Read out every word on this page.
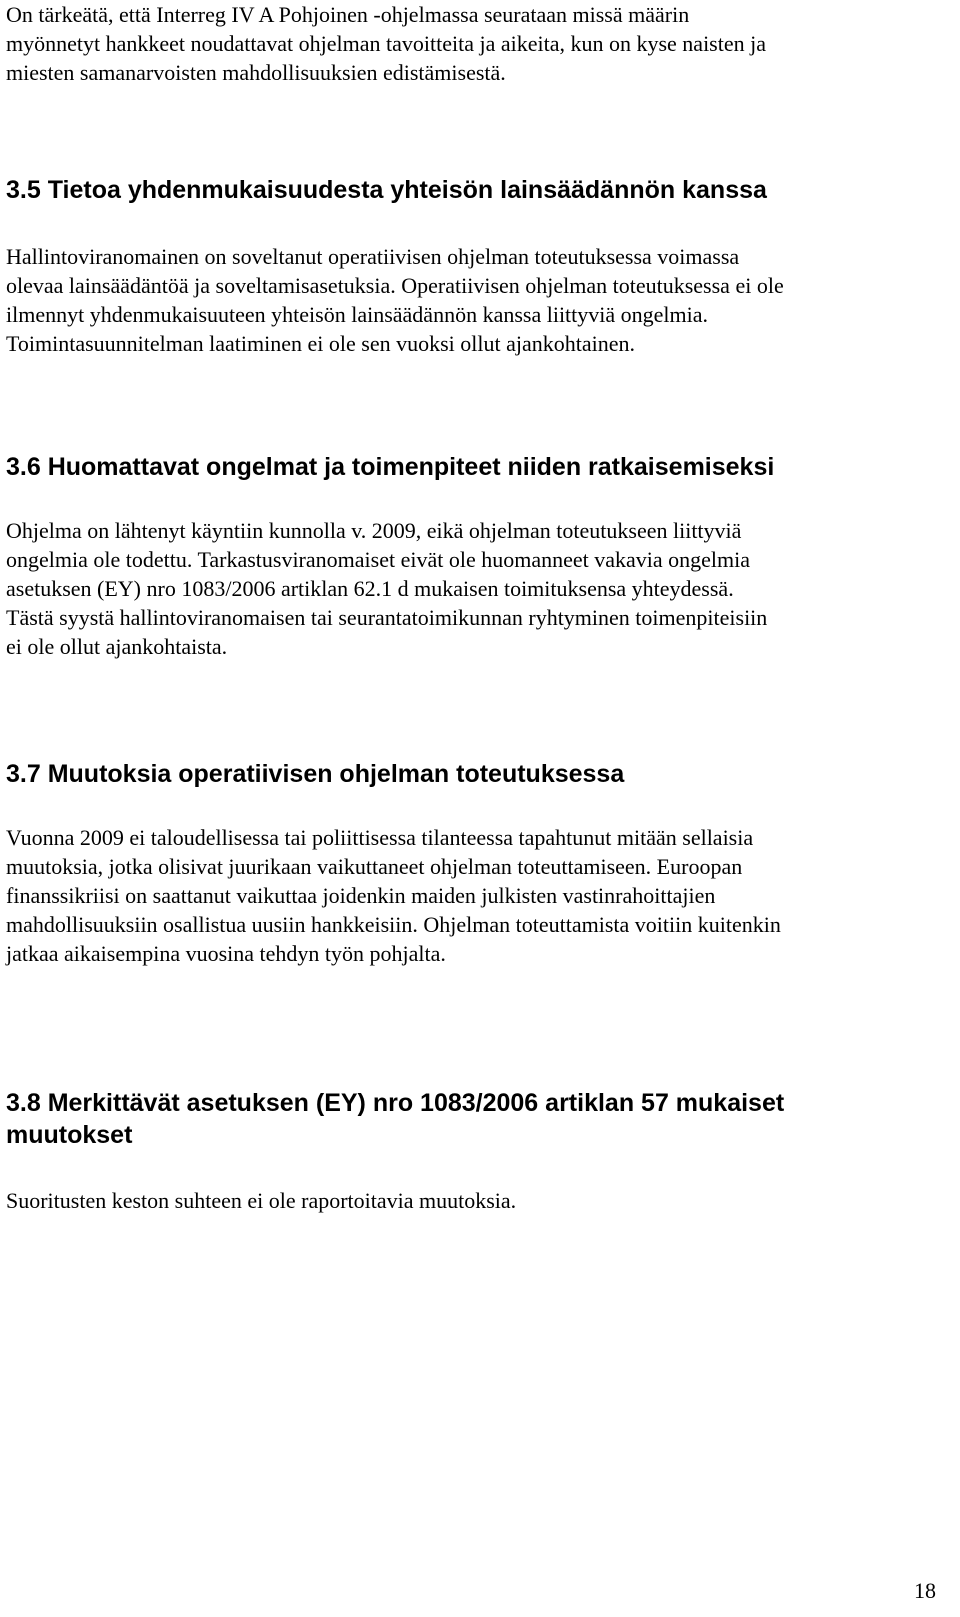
On tärkeätä, että Interreg IV A Pohjoinen -ohjelmassa seurataan missä määrin
myönnetyt hankkeet noudattavat ohjelman tavoitteita ja aikeita, kun on kyse naisten ja
miesten samanarvoisten mahdollisuuksien edistämisestä.

3.5 Tietoa yhdenmukaisuudesta yhteisön lainsäädännön kanssa

Hallintoviranomainen on soveltanut operatiivisen ohjelman toteutuksessa voimassa
olevaa lainsäädäntöä ja soveltamisasetuksia. Operatiivisen ohjelman toteutuksessa ei ole
ilmennyt yhdenmukaisuuteen yhteisön lainsäädännön kanssa liittyviä ongelmia.
Toimintasuunnitelman laatiminen ei ole sen vuoksi ollut ajankohtainen.

3.6 Huomattavat ongelmat ja toimenpiteet niiden ratkaisemiseksi

Ohjelma on lähtenyt käyntiin kunnolla v. 2009, eikä ohjelman toteutukseen liittyviä
ongelmia ole todettu. Tarkastusviranomaiset eivät ole huomanneet vakavia ongelmia
asetuksen (EY) nro 1083/2006 artiklan 62.1 d mukaisen toimituksensa yhteydessä.
Tästä syystä hallintoviranomaisen tai seurantatoimikunnan ryhtyminen toimenpiteisiin
ei ole ollut ajankohtaista.

3.7 Muutoksia operatiivisen ohjelman toteutuksessa

Vuonna 2009 ei taloudellisessa tai poliittisessa tilanteessa tapahtunut mitään sellaisia
muutoksia, jotka olisivat juurikaan vaikuttaneet ohjelman toteuttamiseen. Euroopan
finanssikriisi on saattanut vaikuttaa joidenkin maiden julkisten vastinrahoittajien
mahdollisuuksiin osallistua uusiin hankkeisiin. Ohjelman toteuttamista voitiin kuitenkin
jatkaa aikaisempina vuosina tehdyn työn pohjalta.

3.8 Merkittävät asetuksen (EY) nro 1083/2006 artiklan 57 mukaiset
muutokset

Suoritusten keston suhteen ei ole raportoitavia muutoksia.

18
